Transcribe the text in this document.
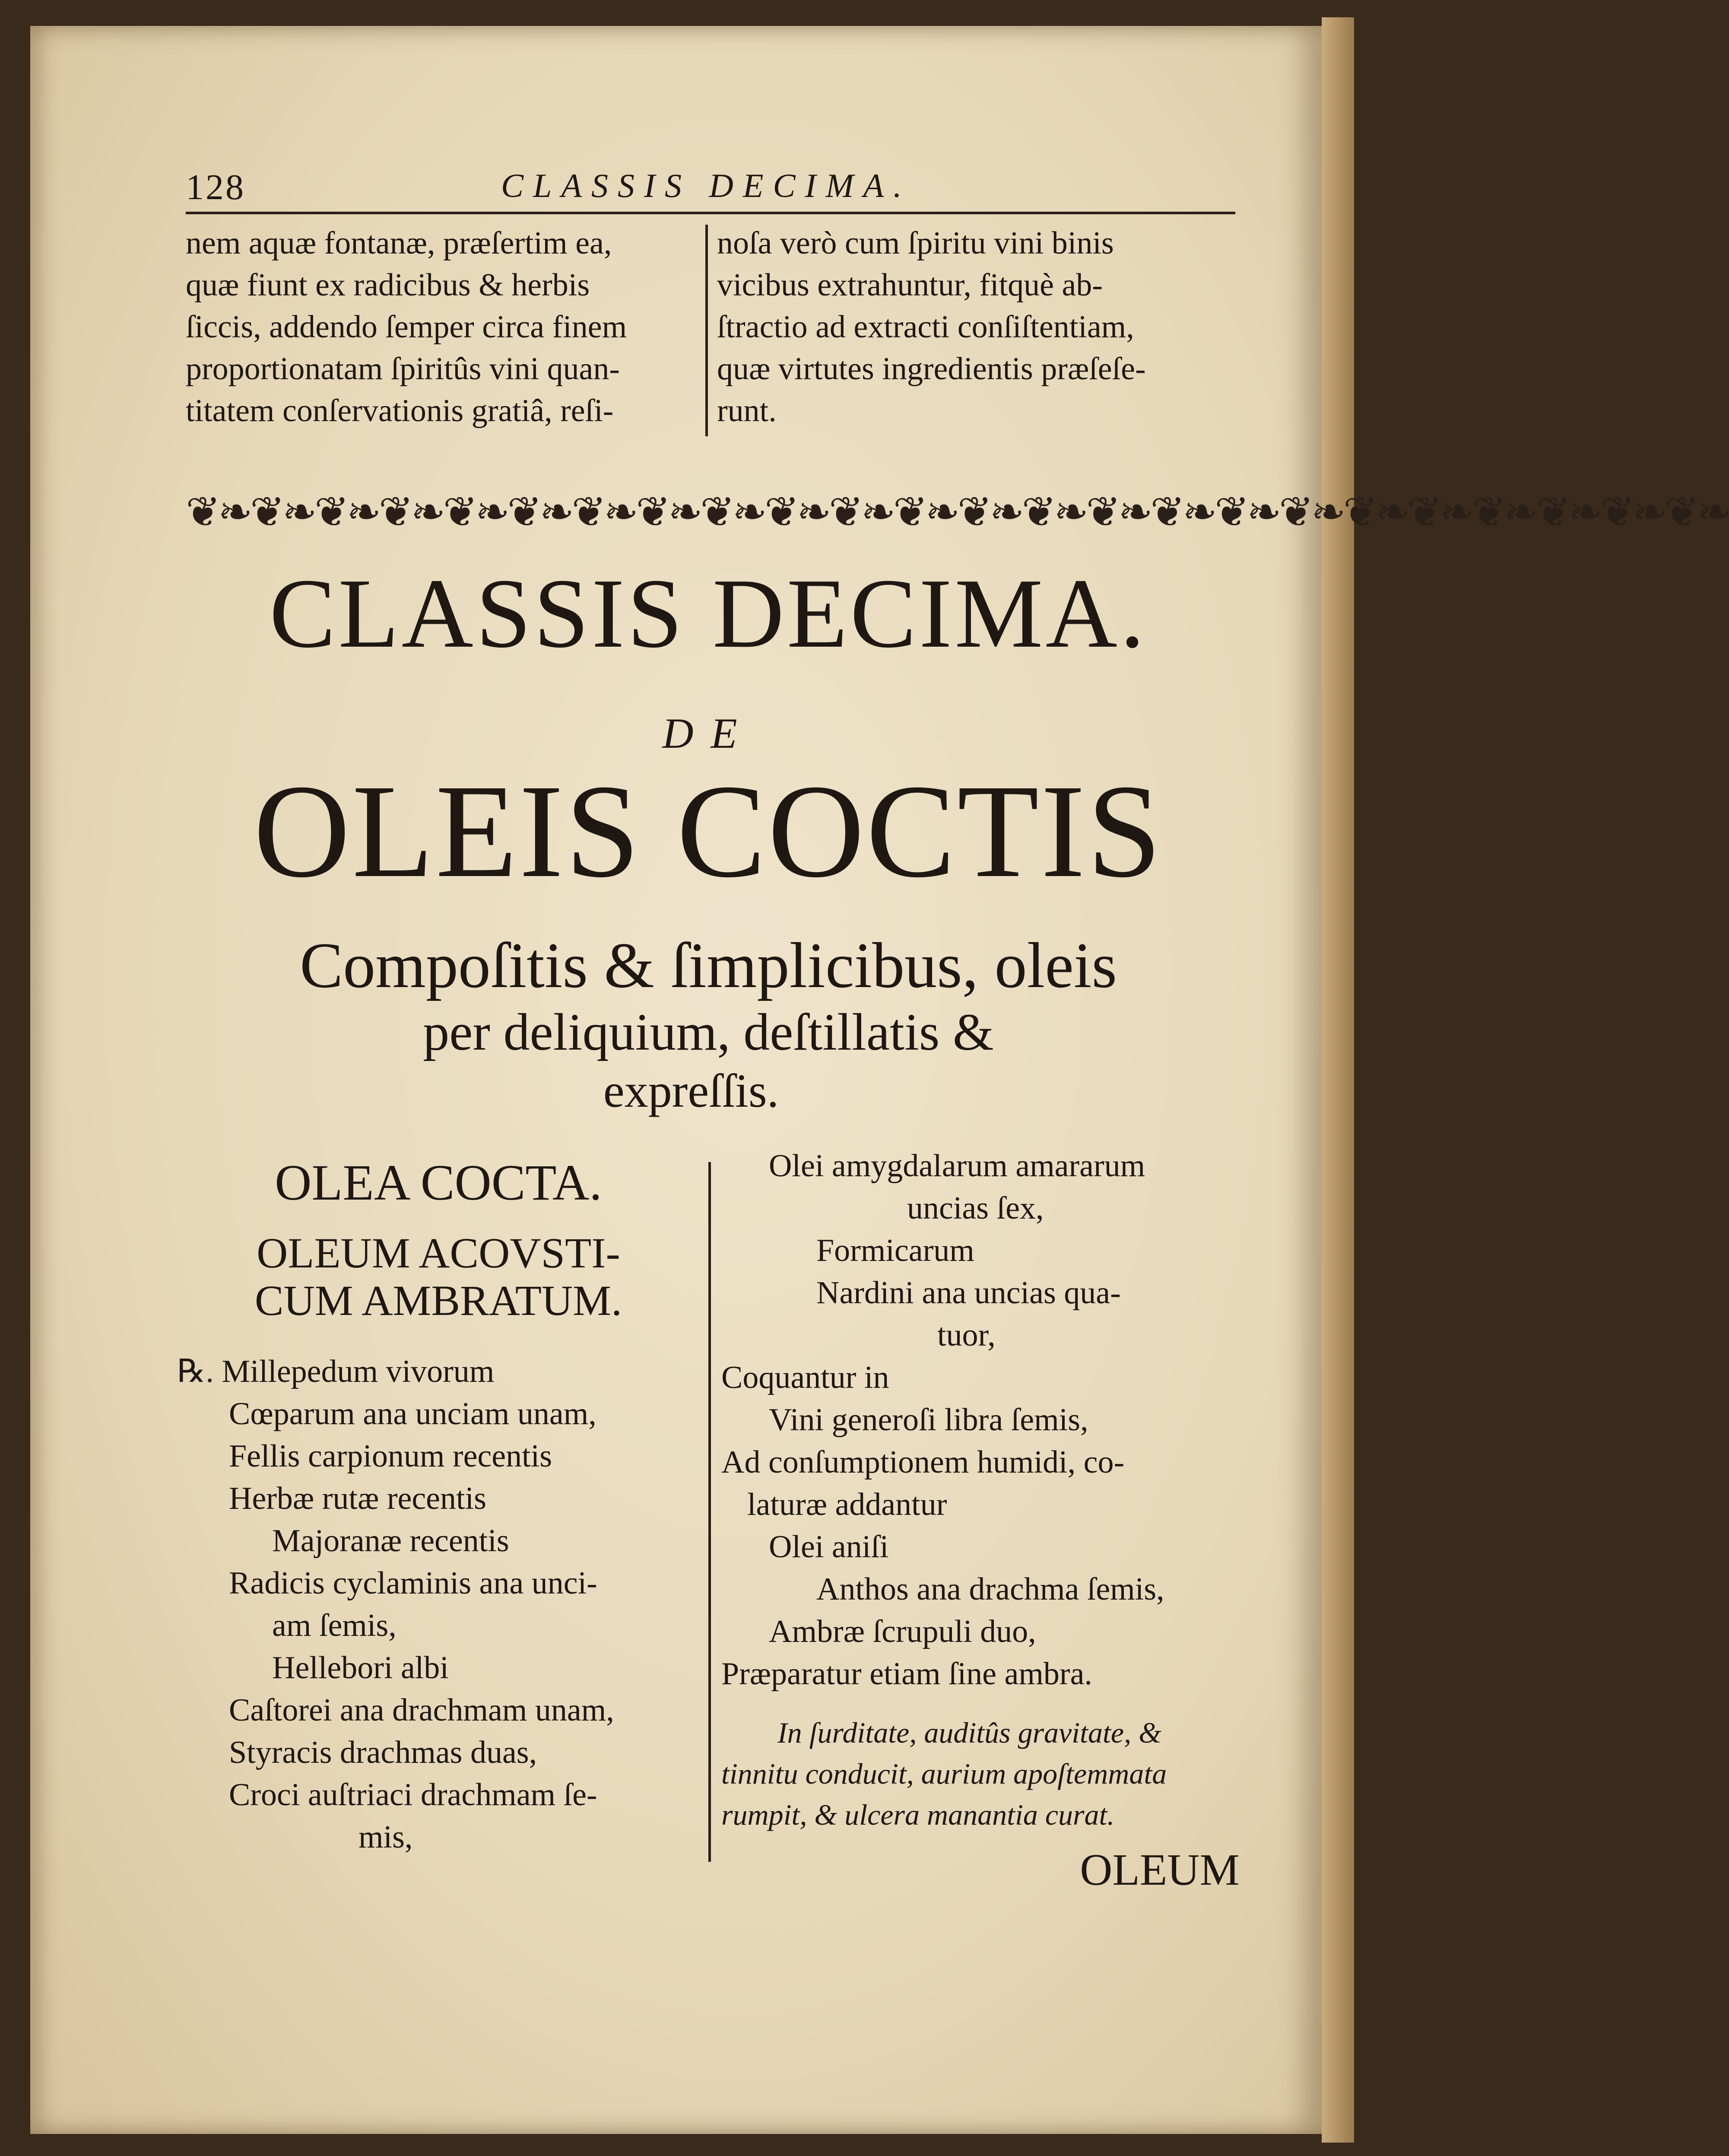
128	CLASSIS DECIMA.

nem aquæ fontanæ, præſertim ea,

quæ fiunt ex radicibus & herbis

ſiccis, addendo ſemper circa finem

proportionatam ſpiritûs vini quan-

titatem conſervationis gratiâ, reſi-

noſa verò cum ſpiritu vini binis

vicibus extrahuntur, fitquè ab-

ſtractio ad extracti conſiſtentiam,

quæ virtutes ingredientis præſeſe-

runt.

❦❧❦❧❦❧❦❧❦❧❦❧❦❧❦❧❦❧❦❧❦❧❦❧❦❧❦❧❦❧❦❧❦❧❦❧❦❧❦❧❦❧❦❧❦❧❦❧
CLASSIS DECIMA.
DE
OLEIS COCTIS
Compoſitis & ſimplicibus, oleis
per deliquium, deſtillatis &
expreſſis.
OLEA COCTA.
OLEUM ACOVSTI-
CUM AMBRATUM.

℞. Millepedum vivorum

Cœparum ana unciam unam,

Fellis carpionum recentis

Herbæ rutæ recentis

Majoranæ recentis

Radicis cyclaminis ana unci-

am ſemis,

Hellebori albi

Caſtorei ana drachmam unam,

Styracis drachmas duas,

Croci auſtriaci drachmam ſe-

mis,

Olei amygdalarum amararum

uncias ſex,

Formicarum

Nardini ana uncias qua-

tuor,

Coquantur in

Vini generoſi libra ſemis,

Ad conſumptionem humidi, co-

laturæ addantur

Olei aniſi

Anthos ana drachma ſemis,

Ambræ ſcrupuli duo,

Præparatur etiam ſine ambra.

In ſurditate, auditûs gravitate, &
tinnitu conducit, aurium apoſtemmata
rumpit, & ulcera manantia curat.
OLEUM
